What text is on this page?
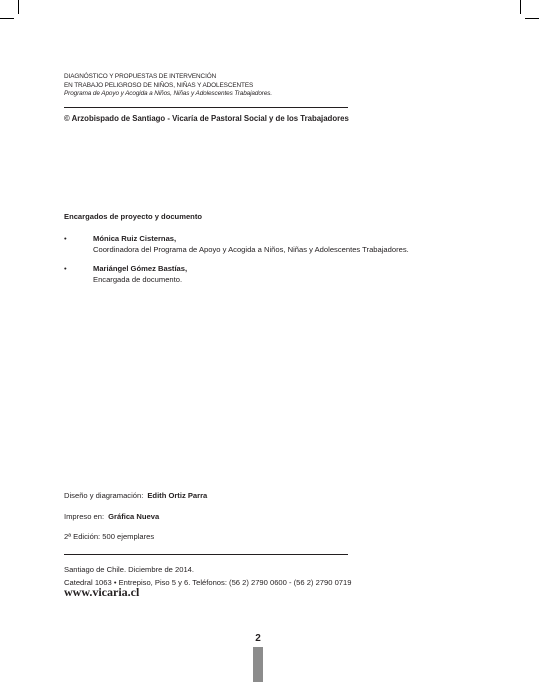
DIAGNÓSTICO Y PROPUESTAS DE INTERVENCIÓN
EN TRABAJO PELIGROSO DE NIÑOS, NIÑAS Y ADOLESCENTES
Programa de Apoyo y Acogida a Niños, Niñas y Adolescentes Trabajadores.
© Arzobispado de Santiago - Vicaría de Pastoral Social y de los Trabajadores
Encargados de proyecto y documento
•	Mónica Ruiz Cisternas,
Coordinadora del Programa de Apoyo y Acogida a Niños, Niñas y Adolescentes Trabajadores.
•	Mariángel Gómez Bastías,
Encargada de documento.
Diseño y diagramación: Edith Ortiz Parra
Impreso en: Gráfica Nueva
2ª Edición: 500 ejemplares
Santiago de Chile. Diciembre de 2014.
Catedral 1063 • Entrepiso, Piso 5 y 6. Teléfonos: (56 2) 2790 0600 - (56 2) 2790 0719
www.vicaria.cl
2
